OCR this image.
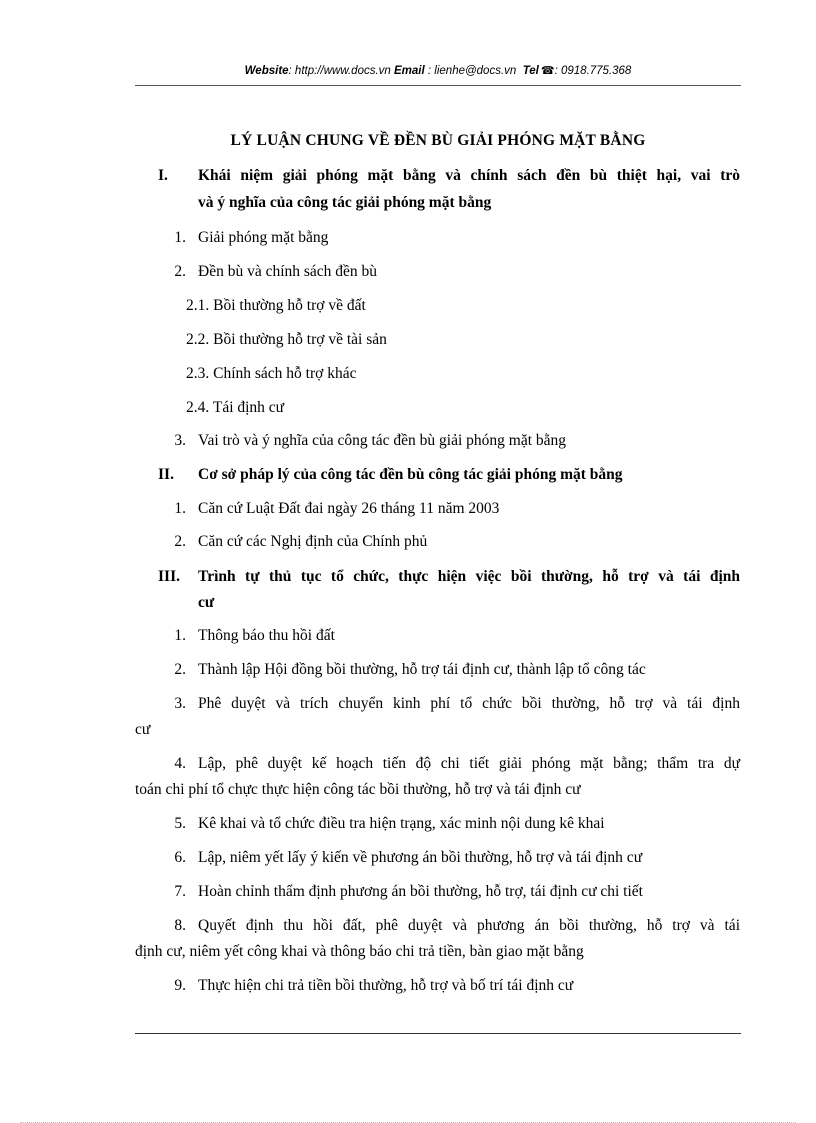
Website: http://www.docs.vn Email : lienhe@docs.vn Tel ☎: 0918.775.368
LÝ LUẬN CHUNG VỀ ĐỀN BÙ GIẢI PHÓNG MẶT BẰNG
I. Khái niệm giải phóng mặt bằng và chính sách đền bù thiệt hại, vai trò
và ý nghĩa của công tác giải phóng mặt bằng
1. Giải phóng mặt bằng
2. Đền bù và chính sách đền bù
2.1. Bồi thường hỗ trợ về đất
2.2. Bồi thường hỗ trợ về tài sản
2.3. Chính sách hỗ trợ khác
2.4. Tái định cư
3. Vai trò và ý nghĩa của công tác đền bù giải phóng mặt bằng
II. Cơ sở pháp lý của công tác đền bù công tác giải phóng mặt bằng
1. Căn cứ Luật Đất đai ngày 26 tháng 11 năm 2003
2. Căn cứ các Nghị định của Chính phủ
III. Trình tự thủ tục tổ chức, thực hiện việc bồi thường, hỗ trợ và tái định
cư
1. Thông báo thu hồi đất
2. Thành lập Hội đồng bồi thường, hỗ trợ tái định cư, thành lập tổ công tác
3. Phê duyệt và trích chuyển kinh phí tổ chức bồi thường, hỗ trợ và tái định
cư
4. Lập, phê duyệt kế hoạch tiến độ chi tiết giải phóng mặt bằng; thẩm tra dự
toán chi phí tổ chực thực hiện công tác bồi thường, hỗ trợ và tái định cư
5. Kê khai và tổ chức điều tra hiện trạng, xác minh nội dung kê khai
6. Lập, niêm yết lấy ý kiến về phương án bồi thường, hỗ trợ và tái định cư
7. Hoàn chỉnh thẩm định phương án bồi thường, hỗ trợ, tái định cư chi tiết
8. Quyết định thu hồi đất, phê duyệt và phương án bồi thường, hỗ trợ và tái
định cư, niêm yết công khai và thông báo chi trả tiền, bàn giao mặt bằng
9. Thực hiện chi trả tiền bồi thường, hỗ trợ và bố trí tái định cư
